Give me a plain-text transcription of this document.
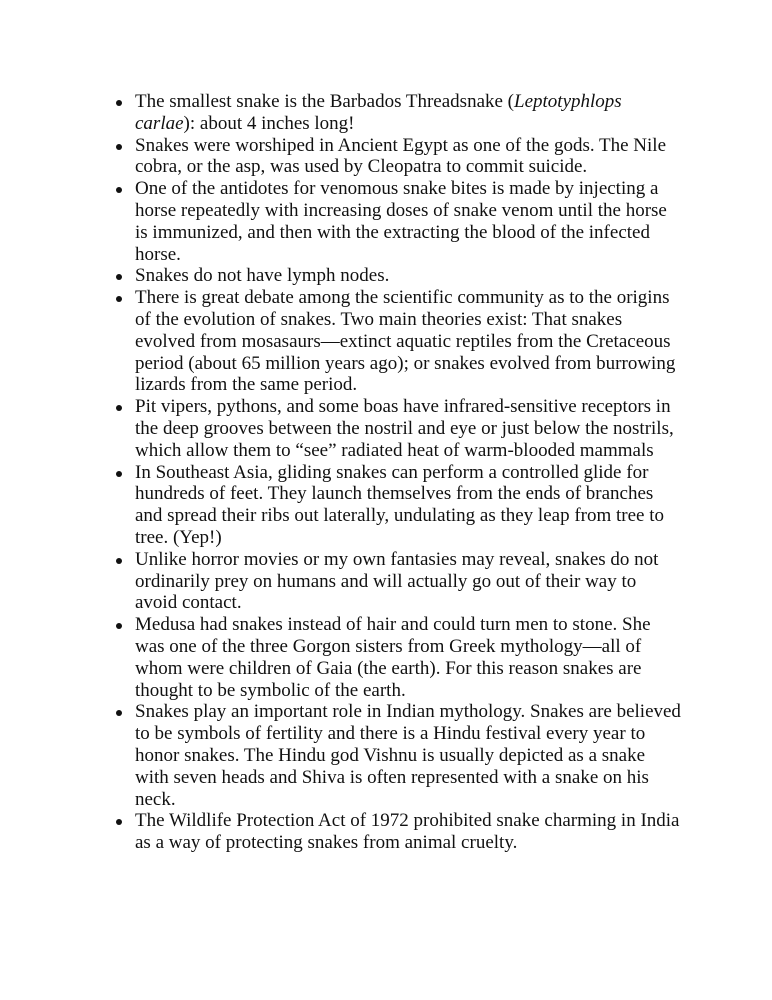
The smallest snake is the Barbados Threadsnake (Leptotyphlops carlae): about 4 inches long!
Snakes were worshiped in Ancient Egypt as one of the gods. The Nile cobra, or the asp, was used by Cleopatra to commit suicide.
One of the antidotes for venomous snake bites is made by injecting a horse repeatedly with increasing doses of snake venom until the horse is immunized, and then with the extracting the blood of the infected horse.
Snakes do not have lymph nodes.
There is great debate among the scientific community as to the origins of the evolution of snakes. Two main theories exist: That snakes evolved from mosasaurs—extinct aquatic reptiles from the Cretaceous period (about 65 million years ago); or snakes evolved from burrowing lizards from the same period.
Pit vipers, pythons, and some boas have infrared-sensitive receptors in the deep grooves between the nostril and eye or just below the nostrils, which allow them to “see” radiated heat of warm-blooded mammals
In Southeast Asia, gliding snakes can perform a controlled glide for hundreds of feet. They launch themselves from the ends of branches and spread their ribs out laterally, undulating as they leap from tree to tree. (Yep!)
Unlike horror movies or my own fantasies may reveal, snakes do not ordinarily prey on humans and will actually go out of their way to avoid contact.
Medusa had snakes instead of hair and could turn men to stone. She was one of the three Gorgon sisters from Greek mythology—all of whom were children of Gaia (the earth). For this reason snakes are thought to be symbolic of the earth.
Snakes play an important role in Indian mythology. Snakes are believed to be symbols of fertility and there is a Hindu festival every year to honor snakes. The Hindu god Vishnu is usually depicted as a snake with seven heads and Shiva is often represented with a snake on his neck.
The Wildlife Protection Act of 1972 prohibited snake charming in India as a way of protecting snakes from animal cruelty.
